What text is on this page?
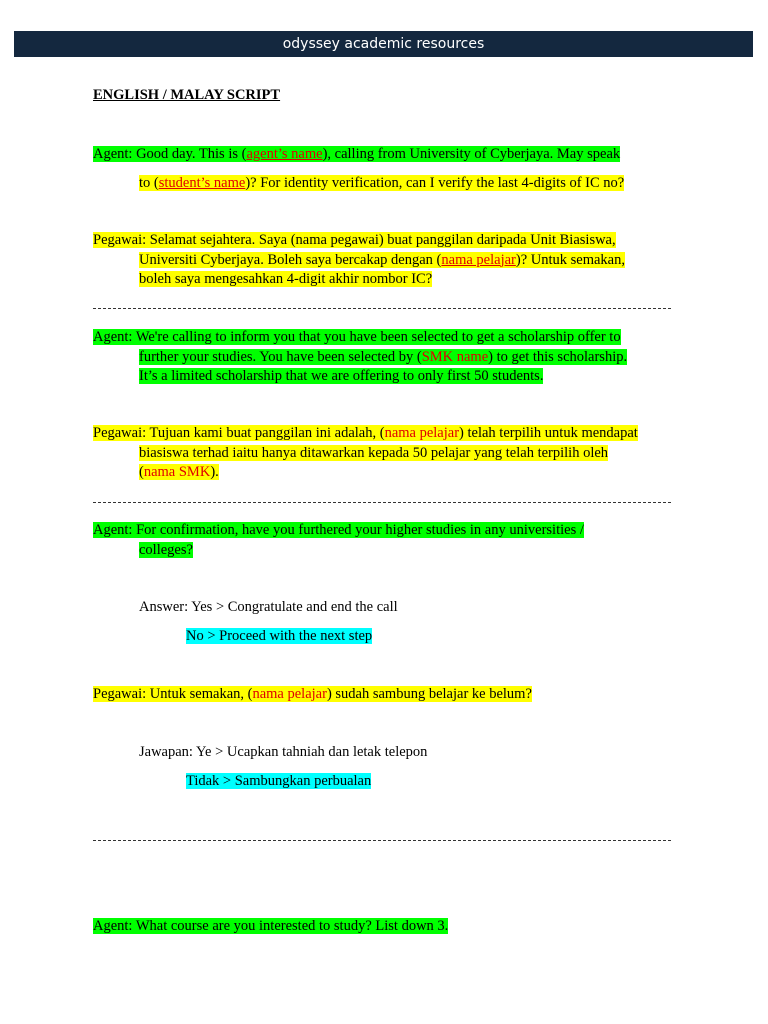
odyssey academic resources
ENGLISH / MALAY SCRIPT
Agent: Good day. This is (agent’s name), calling from University of Cyberjaya. May speak
to (student’s name)? For identity verification, can I verify the last 4-digits of IC no?
Pegawai: Selamat sejahtera. Saya (nama pegawai) buat panggilan daripada Unit Biasiswa,
Universiti Cyberjaya. Boleh saya bercakap dengan (nama pelajar)? Untuk semakan,
boleh saya mengesahkan 4-digit akhir nombor IC?
Agent: We're calling to inform you that you have been selected to get a scholarship offer to
further your studies. You have been selected by (SMK name) to get this scholarship.
It’s a limited scholarship that we are offering to only first 50 students.
Pegawai: Tujuan kami buat panggilan ini adalah, (nama pelajar) telah terpilih untuk mendapat
biasiswa terhad iaitu hanya ditawarkan kepada 50 pelajar yang telah terpilih oleh
(nama SMK).
Agent: For confirmation, have you furthered your higher studies in any universities /
colleges?
Answer: Yes > Congratulate and end the call
No > Proceed with the next step
Pegawai: Untuk semakan, (nama pelajar) sudah sambung belajar ke belum?
Jawapan: Ye > Ucapkan tahniah dan letak telepon
Tidak > Sambungkan perbualan
Agent: What course are you interested to study? List down 3.
